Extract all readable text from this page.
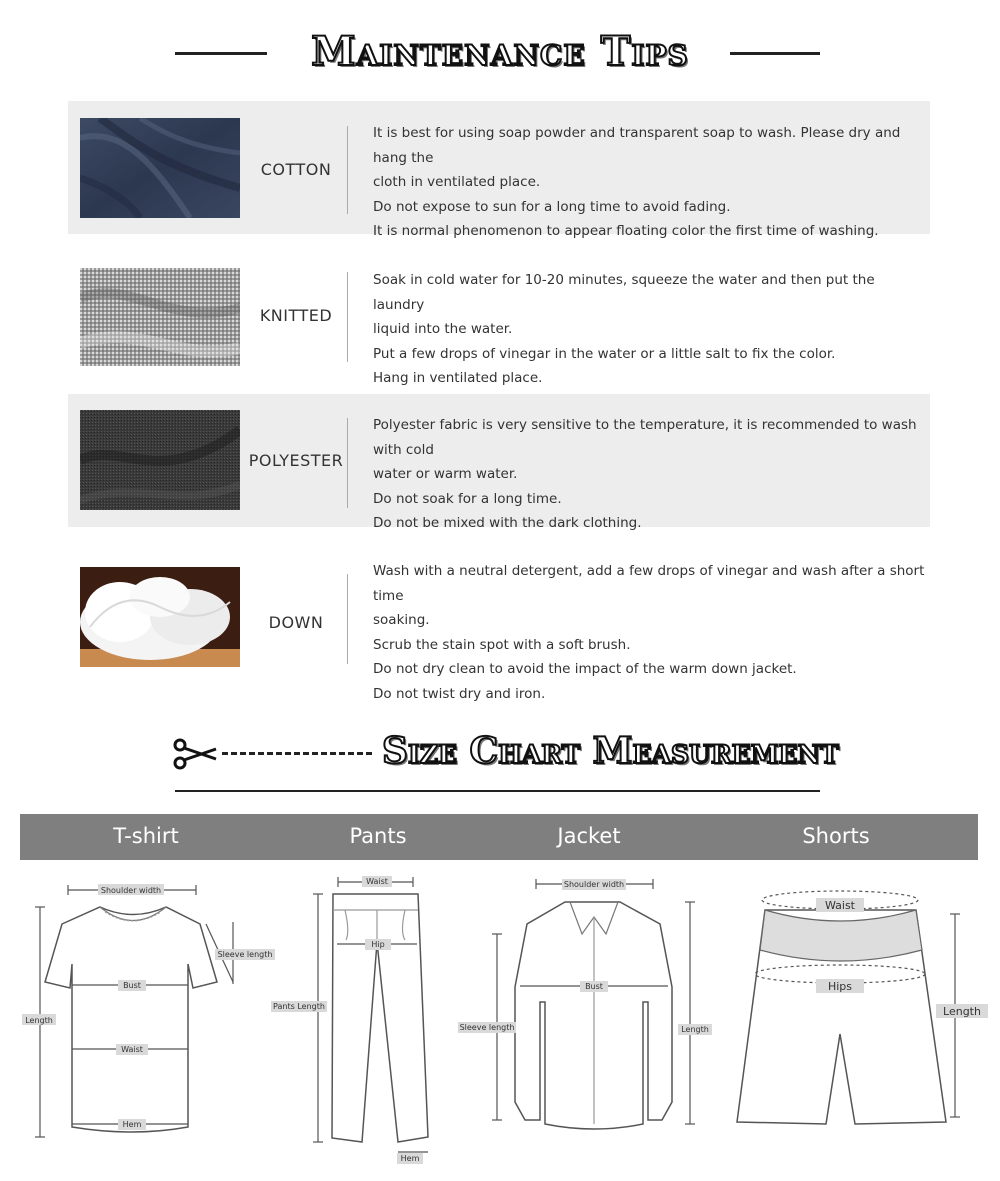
Maintenance Tips
COTTON
It is best for using soap powder and transparent soap to wash. Please dry and hang the
cloth in ventilated place.
Do not expose to sun for a long time to avoid fading.
It is normal phenomenon to appear floating color the first time of washing.
KNITTED
Soak in cold water for 10-20 minutes, squeeze the water and then put the laundry
liquid into the water.
Put a few drops of vinegar in the water or a little salt to fix the color.
Hang in ventilated place.
POLYESTER
Polyester fabric is very sensitive to the temperature, it is recommended to wash with cold
water or warm water.
Do not soak for a long time.
Do not be mixed with the dark clothing.
DOWN
Wash with a neutral detergent, add a few drops of vinegar and wash after a short time
soaking.
Scrub the stain spot with a soft brush.
Do not dry clean to avoid the impact of the warm down jacket.
Do not twist dry and iron.
Size Chart Measurement
T-shirt	Pants	Jacket	Shorts
Shoulder width
Sleeve length
Length
Bust
Waist
Hem
Waist
Hip
Pants Length
Hem
Shoulder width
Bust
Sleeve length	Length
Waist
Hips
Length
